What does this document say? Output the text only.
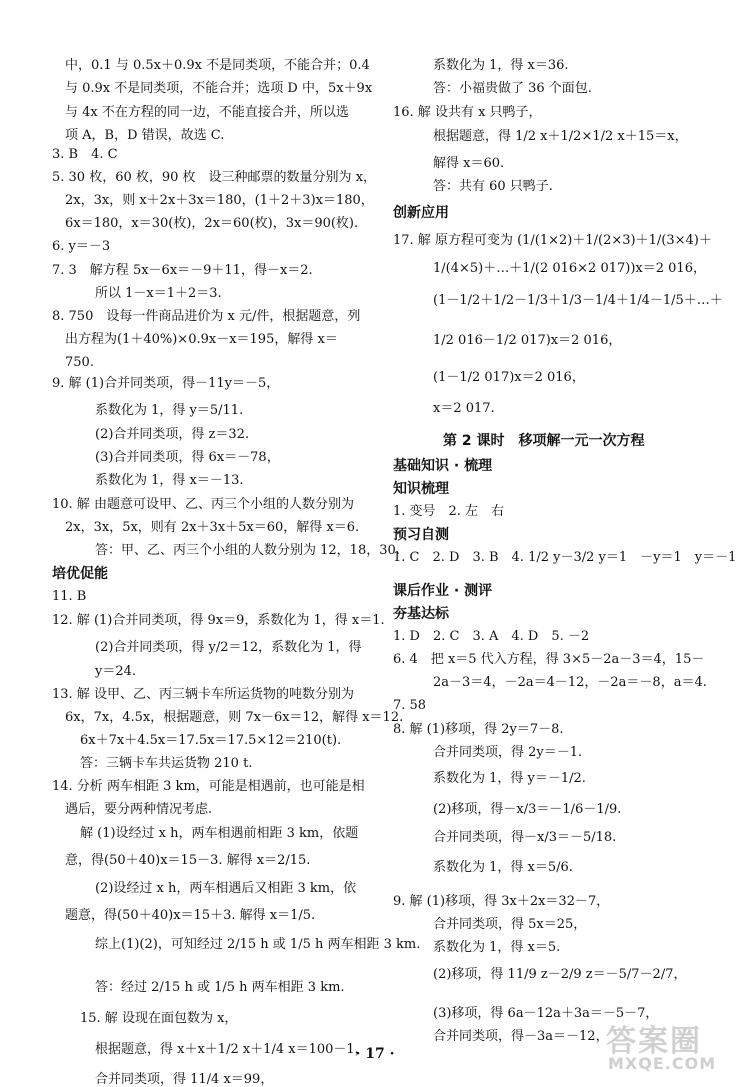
中，0.1 与 0.5x＋0.9x 不是同类项，不能合并；0.4
与 0.9x 不是同类项，不能合并；选项 D 中，5x＋9x
与 4x 不在方程的同一边，不能直接合并，所以选
项 A，B，D 错误，故选 C.
3. B　4. C
5. 30 枚，60 枚，90 枚　设三种邮票的数量分别为 x，
2x，3x，则 x＋2x＋3x＝180，(1＋2＋3)x＝180，
6x＝180，x＝30(枚)，2x＝60(枚)，3x＝90(枚).
6. y＝－3
7. 3　解方程 5x－6x＝－9＋11，得－x＝2.
所以 1－x＝1＋2＝3.
8. 750　设每一件商品进价为 x 元/件，根据题意，列
出方程为(1＋40%)×0.9x－x＝195，解得 x＝
750.
9. 解 (1)合并同类项，得－11y＝－5，
系数化为 1，得 y＝5/11.
(2)合并同类项，得 z＝32.
(3)合并同类项，得 6x＝－78，
系数化为 1，得 x＝－13.
10. 解 由题意可设甲、乙、丙三个小组的人数分别为
2x，3x，5x，则有 2x＋3x＋5x＝60，解得 x＝6.
答：甲、乙、丙三个小组的人数分别为 12，18，30.
培优促能
11. B
12. 解 (1)合并同类项，得 9x＝9，系数化为 1，得 x＝1.
(2)合并同类项，得 y/2＝12，系数化为 1，得
y＝24.
13. 解 设甲、乙、丙三辆卡车所运货物的吨数分别为
6x，7x，4.5x，根据题意，则 7x－6x＝12，解得 x＝12.
6x＋7x＋4.5x＝17.5x＝17.5×12＝210(t).
答：三辆卡车共运货物 210 t.
14. 分析 两车相距 3 km，可能是相遇前，也可能是相
遇后，要分两种情况考虑.
解 (1)设经过 x h，两车相遇前相距 3 km，依题
意，得(50＋40)x＝15－3. 解得 x＝2/15.
(2)设经过 x h，两车相遇后又相距 3 km，依
题意，得(50＋40)x＝15＋3. 解得 x＝1/5.
综上(1)(2)，可知经过 2/15 h 或 1/5 h 两车相距 3 km.
答：经过 2/15 h 或 1/5 h 两车相距 3 km.
15. 解 设现在面包数为 x，
根据题意，得 x＋x＋1/2 x＋1/4 x＝100－1，
合并同类项，得 11/4 x＝99，
系数化为 1，得 x＝36.
答：小福贵做了 36 个面包.
16. 解 设共有 x 只鸭子，
根据题意，得 1/2 x＋1/2×1/2 x＋15＝x，
解得 x＝60.
答：共有 60 只鸭子.
创新应用
17. 解 原方程可变为 (1/(1×2)＋1/(2×3)＋1/(3×4)＋
1/(4×5)＋…＋1/(2 016×2 017))x＝2 016，
(1－1/2＋1/2－1/3＋1/3－1/4＋1/4－1/5＋…＋
1/2 016－1/2 017)x＝2 016，
(1－1/2 017)x＝2 016，
x＝2 017.
第 2 课时　移项解一元一次方程
基础知识 · 梳理
知识梳理
1. 变号　2. 左　右
预习自测
1. C　2. D　3. B　4. 1/2 y－3/2 y＝1　－y＝1　y＝－1
课后作业 · 测评
夯基达标
1. D　2. C　3. A　4. D　5. －2
6. 4　把 x＝5 代入方程，得 3×5－2a－3＝4，15－
2a－3＝4，－2a＝4－12，－2a＝－8，a＝4.
7. 58
8. 解 (1)移项，得 2y＝7－8.
合并同类项，得 2y＝－1.
系数化为 1，得 y＝－1/2.
(2)移项，得－x/3＝－1/6－1/9.
合并同类项，得－x/3＝－5/18.
系数化为 1，得 x＝5/6.
9. 解 (1)移项，得 3x＋2x＝32－7，
合并同类项，得 5x＝25，
系数化为 1，得 x＝5.
(2)移项，得 11/9 z－2/9 z＝－5/7－2/7，
(3)移项，得 6a－12a＋3a＝－5－7，
合并同类项，得－3a＝－12，
· 17 ·	答案圈
MXQE.COM
